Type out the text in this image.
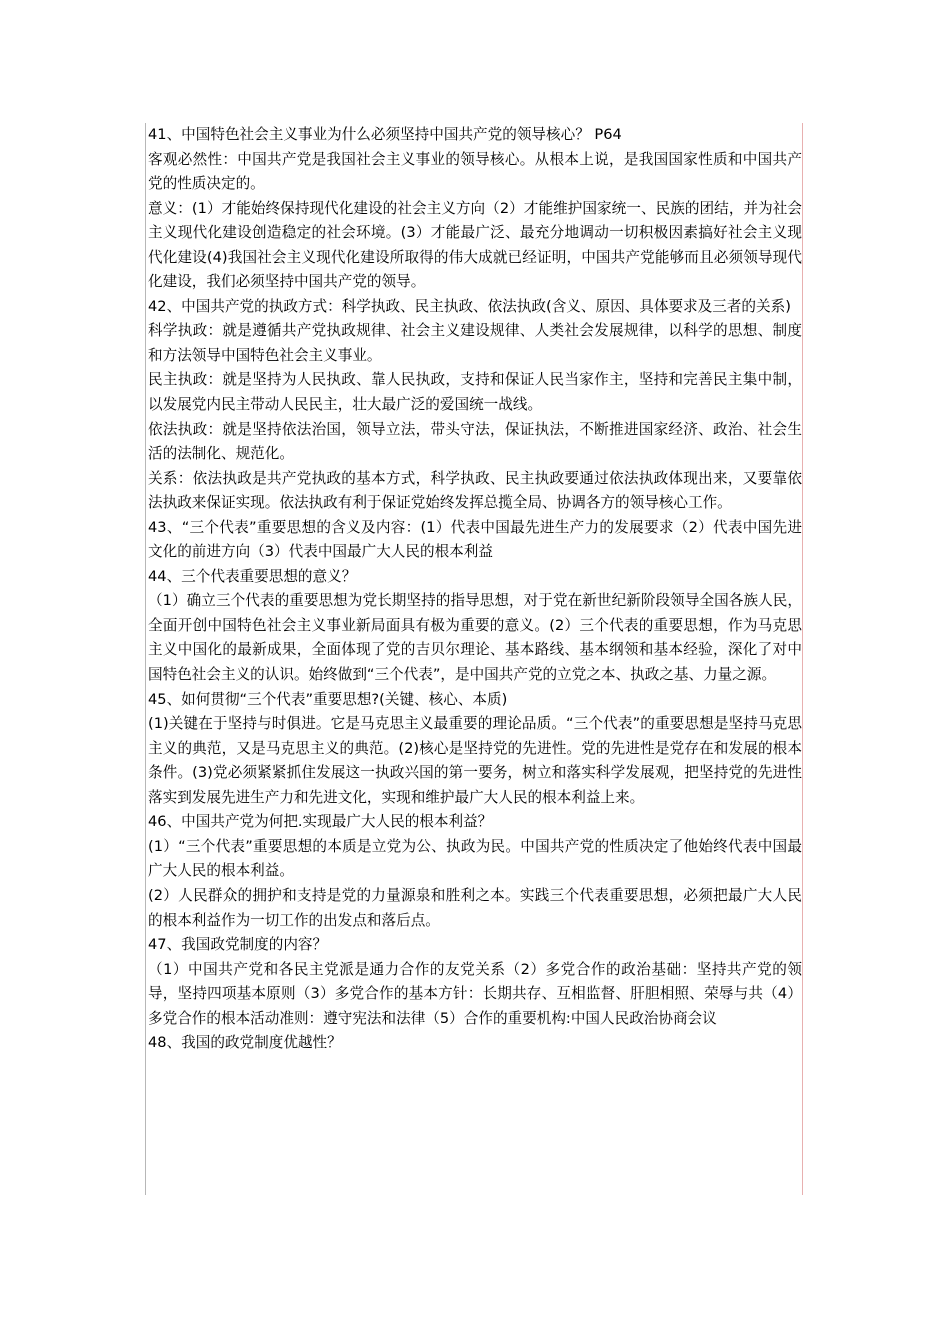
41、中国特色社会主义事业为什么必须坚持中国共产党的领导核心？ P64

客观必然性：中国共产党是我国社会主义事业的领导核心。从根本上说，是我国国家性质和中国共产党的性质决定的。

意义：(1）才能始终保持现代化建设的社会主义方向（2）才能维护国家统一、民族的团结，并为社会主义现代化建设创造稳定的社会环境。(3）才能最广泛、最充分地调动一切积极因素搞好社会主义现代化建设(4)我国社会主义现代化建设所取得的伟大成就已经证明，中国共产党能够而且必须领导现代化建设，我们必须坚持中国共产党的领导。

42、中国共产党的执政方式：科学执政、民主执政、依法执政(含义、原因、具体要求及三者的关系)

科学执政：就是遵循共产党执政规律、社会主义建设规律、人类社会发展规律，以科学的思想、制度和方法领导中国特色社会主义事业。

民主执政：就是坚持为人民执政、靠人民执政，支持和保证人民当家作主，坚持和完善民主集中制，以发展党内民主带动人民民主，壮大最广泛的爱国统一战线。

依法执政：就是坚持依法治国，领导立法，带头守法，保证执法，不断推进国家经济、政治、社会生活的法制化、规范化。

关系：依法执政是共产党执政的基本方式，科学执政、民主执政要通过依法执政体现出来，又要靠依法执政来保证实现。依法执政有利于保证党始终发挥总揽全局、协调各方的领导核心工作。

43、“三个代表”重要思想的含义及内容：(1）代表中国最先进生产力的发展要求（2）代表中国先进文化的前进方向（3）代表中国最广大人民的根本利益

44、三个代表重要思想的意义？

（1）确立三个代表的重要思想为党长期坚持的指导思想，对于党在新世纪新阶段领导全国各族人民，全面开创中国特色社会主义事业新局面具有极为重要的意义。(2）三个代表的重要思想，作为马克思主义中国化的最新成果，全面体现了党的吉贝尔理论、基本路线、基本纲领和基本经验，深化了对中国特色社会主义的认识。始终做到“三个代表”，是中国共产党的立党之本、执政之基、力量之源。

45、如何贯彻“三个代表”重要思想?(关键、核心、本质)

(1)关键在于坚持与时俱进。它是马克思主义最重要的理论品质。“三个代表”的重要思想是坚持马克思主义的典范，又是马克思主义的典范。(2)核心是坚持党的先进性。党的先进性是党存在和发展的根本条件。(3)党必须紧紧抓住发展这一执政兴国的第一要务，树立和落实科学发展观，把坚持党的先进性落实到发展先进生产力和先进文化，实现和维护最广大人民的根本利益上来。

46、中国共产党为何把.实现最广大人民的根本利益？

(1）“三个代表”重要思想的本质是立党为公、执政为民。中国共产党的性质决定了他始终代表中国最广大人民的根本利益。

(2）人民群众的拥护和支持是党的力量源泉和胜利之本。实践三个代表重要思想，必须把最广大人民的根本利益作为一切工作的出发点和落后点。

47、我国政党制度的内容？

（1）中国共产党和各民主党派是通力合作的友党关系（2）多党合作的政治基础：坚持共产党的领导，坚持四项基本原则（3）多党合作的基本方针：长期共存、互相监督、肝胆相照、荣辱与共（4）多党合作的根本活动准则：遵守宪法和法律（5）合作的重要机构:中国人民政治协商会议

48、我国的政党制度优越性？
